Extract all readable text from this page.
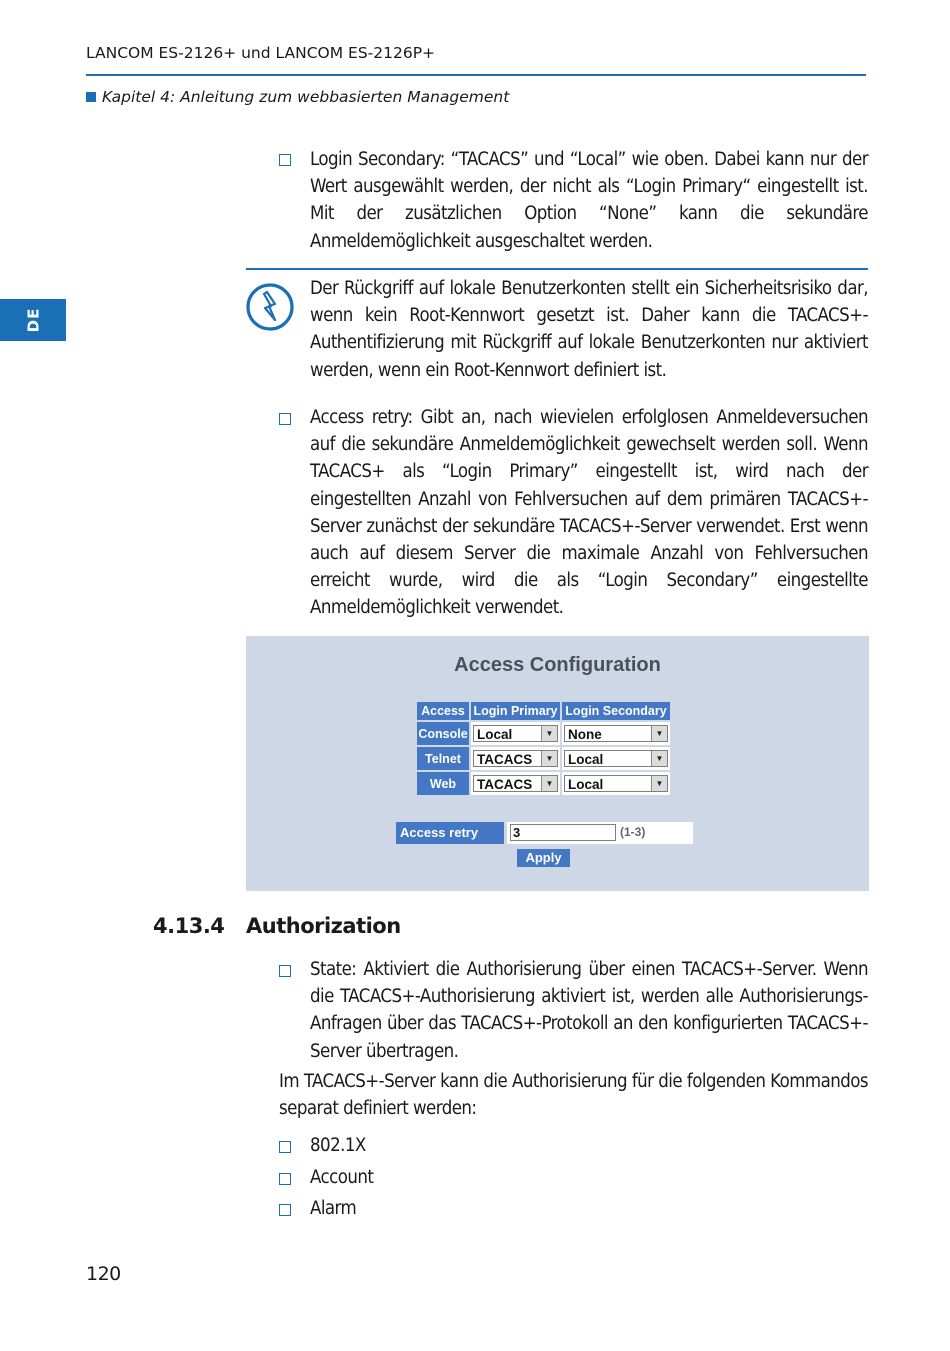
LANCOM ES-2126+ und LANCOM ES-2126P+
Kapitel 4: Anleitung zum webbasierten Management
DE
Login Secondary: “TACACS” und “Local” wie oben. Dabei kann nur der Wert ausgewählt werden, der nicht als “Login Primary“ eingestellt ist. Mit der zusätzlichen Option “None” kann die sekundäre Anmeldemöglichkeit ausgeschaltet werden.
Der Rückgriff auf lokale Benutzerkonten stellt ein Sicherheitsrisiko dar, wenn kein Root-Kennwort gesetzt ist. Daher kann die TACACS+-Authentifizierung mit Rückgriff auf lokale Benutzerkonten nur aktiviert werden, wenn ein Root-Kennwort definiert ist.
Access retry: Gibt an, nach wievielen erfolglosen Anmeldeversuchen auf die sekundäre Anmeldemöglichkeit gewechselt werden soll. Wenn TACACS+ als “Login Primary” eingestellt ist, wird nach der eingestellten Anzahl von Fehlversuchen auf dem primären TACACS+-Server zunächst der sekundäre TACACS+-Server verwendet. Erst wenn auch auf diesem Server die maximale Anzahl von Fehlversuchen erreicht wurde, wird die als “Login Secondary” eingestellte Anmeldemöglichkeit verwendet.
Access Configuration
Access	Login Primary	Login Secondary
Console	Local ▼	None ▼

Telnet	TACACS ▼	Local ▼

Web	TACACS ▼	Local ▼
Access retry	3	(1-3)
Apply
4.13.4 Authorization
State: Aktiviert die Authorisierung über einen TACACS+-Server. Wenn die TACACS+-Authorisierung aktiviert ist, werden alle Authorisierungs-Anfragen über das TACACS+-Protokoll an den konfigurierten TACACS+-Server übertragen.
Im TACACS+-Server kann die Authorisierung für die folgenden Kommandos separat definiert werden:
802.1X
Account
Alarm
120
